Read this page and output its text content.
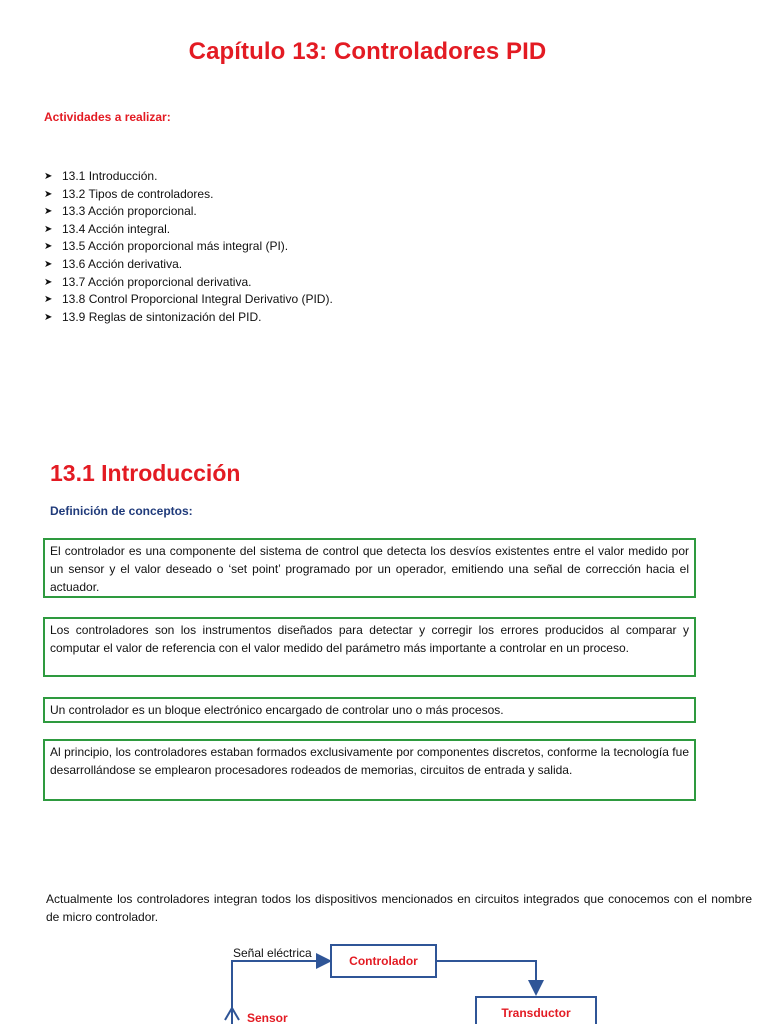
Capítulo 13: Controladores PID
Actividades a realizar:
➤ 13.1 Introducción.
➤ 13.2 Tipos de controladores.
➤ 13.3 Acción proporcional.
➤ 13.4 Acción integral.
➤ 13.5 Acción proporcional más integral (PI).
➤ 13.6 Acción derivativa.
➤ 13.7 Acción proporcional derivativa.
➤ 13.8 Control Proporcional Integral Derivativo (PID).
➤ 13.9 Reglas de sintonización del PID.
13.1 Introducción
Definición de conceptos:
El controlador es una componente del sistema de control que detecta los desvíos existentes entre el valor medido por un sensor y el valor deseado o ‘set point’ programado por un operador, emitiendo una señal de corrección hacia el actuador.
Los controladores son los instrumentos diseñados para detectar y corregir los errores producidos al comparar y computar el valor de referencia con el valor medido del parámetro más importante a controlar en un proceso.
Un controlador es un bloque electrónico encargado de controlar uno o más procesos.
Al principio, los controladores estaban formados exclusivamente por componentes discretos, conforme la tecnología fue desarrollándose se emplearon procesadores rodeados de memorias, circuitos de entrada y salida.
Actualmente los controladores integran todos los dispositivos mencionados en circuitos integrados que conocemos con el nombre de micro controlador.
Señal eléctrica
Controlador
Transductor
Sensor
